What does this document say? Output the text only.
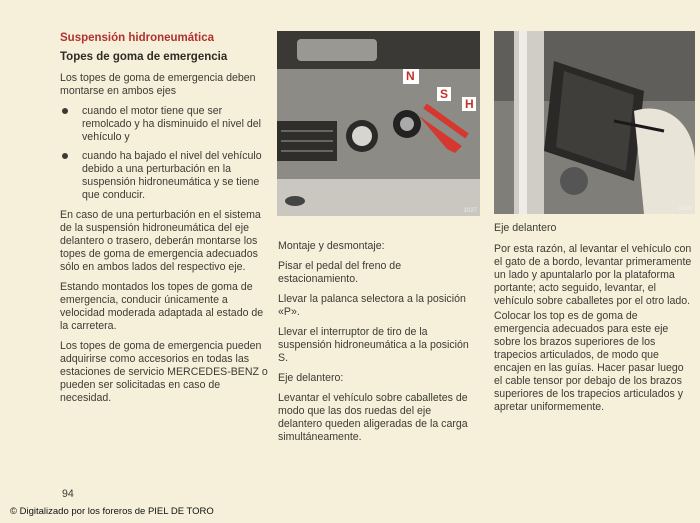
Suspensión hidroneumática
Topes de goma de emergencia

Los topes de goma de emergencia deben montarse en ambos ejes

cuando el motor tiene que ser remolcado y ha disminuido el nivel del vehículo y
cuando ha bajado el nivel del vehículo debido a una perturbación en la suspensión hidroneumática y se tiene que conducir.

En caso de una perturbación en el sistema de la suspensión hidroneumática del eje delantero o trasero, deberán montarse los topes de goma de emergencia adecuados sólo en ambos lados del respectivo eje.

Estando montados los topes de goma de emergencia, conducir únicamente a velocidad moderada adaptada al estado de la carretera.

Los topes de goma de emergencia pueden adquirirse como accesorios en todas las estaciones de servicio MERCEDES-BENZ o pueden ser solicitadas en caso de necesidad.

N
S
H
1027	8836

Montaje y desmontaje:

Pisar el pedal del freno de estacionamiento.

Llevar la palanca selectora a la posición «P».

Llevar el interruptor de tiro de la suspensión hidroneumática a la posición S.

Eje delantero:

Levantar el vehículo sobre caballetes de modo que las dos ruedas del eje delantero queden aligeradas de la carga simultáneamente.

Eje delantero

Por esta razón, al levantar el vehículo con el gato de a bordo, levantar primeramente un lado y apuntalarlo por la plataforma portante; acto seguido, levantar, el vehículo sobre caballetes por el otro lado.

Colocar los top es de goma de emergencia adecuados para este eje sobre los brazos superiores de los trapecios articulados, de modo que encajen en las guías. Hacer pasar luego el cable tensor por debajo de los brazos superiores de los trapecios articulados y apretar uniformemente.

94
© Digitalizado por los foreros de PIEL DE TORO
